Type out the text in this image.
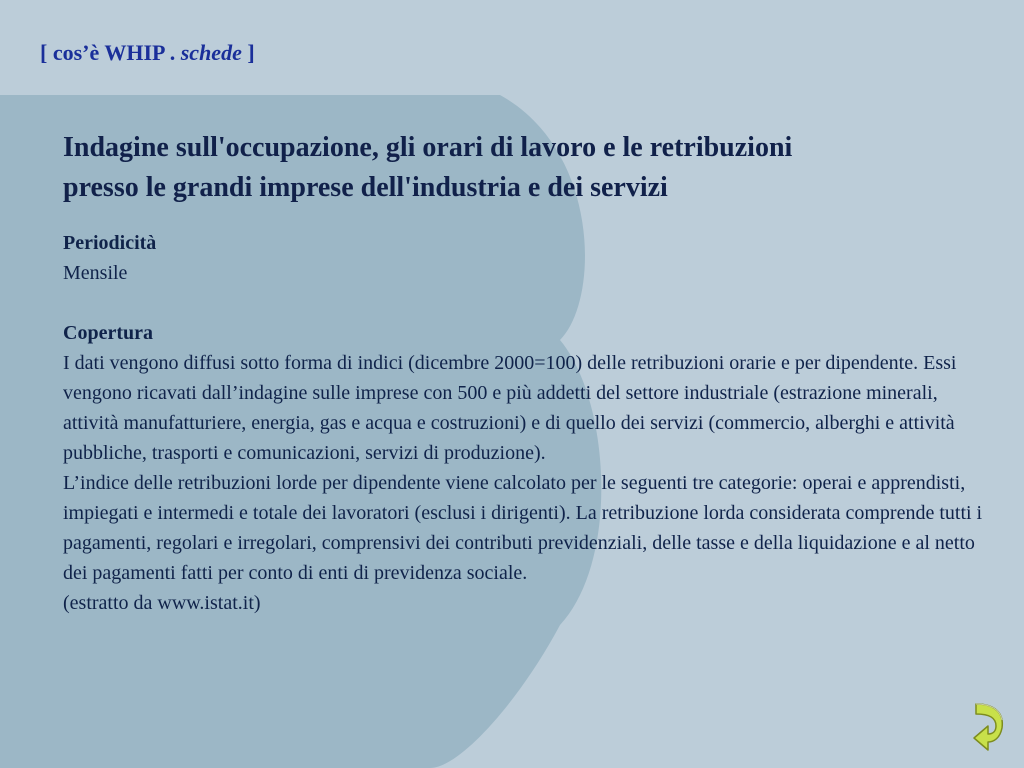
[ cos’è WHIP . schede ]
Indagine sull'occupazione, gli orari di lavoro e le retribuzioni
presso le grandi imprese dell'industria e dei servizi

Periodicità

Mensile

Copertura

I dati vengono diffusi sotto forma di indici (dicembre 2000=100) delle retribuzioni orarie e per dipendente. Essi vengono ricavati dall’indagine sulle imprese con 500 e più addetti del settore industriale (estrazione minerali, attività manufatturiere, energia, gas e acqua e costruzioni) e di quello dei servizi (commercio, alberghi e attività pubbliche, trasporti e comunicazioni, servizi di produzione).

L’indice delle retribuzioni lorde per dipendente viene calcolato per le seguenti tre categorie: operai e apprendisti, impiegati e intermedi e totale dei lavoratori (esclusi i dirigenti). La retribuzione lorda considerata comprende tutti i pagamenti, regolari e irregolari, comprensivi dei contributi previdenziali, delle tasse e della liquidazione e al netto dei pagamenti fatti per conto di enti di previdenza sociale.

(estratto da www.istat.it)
